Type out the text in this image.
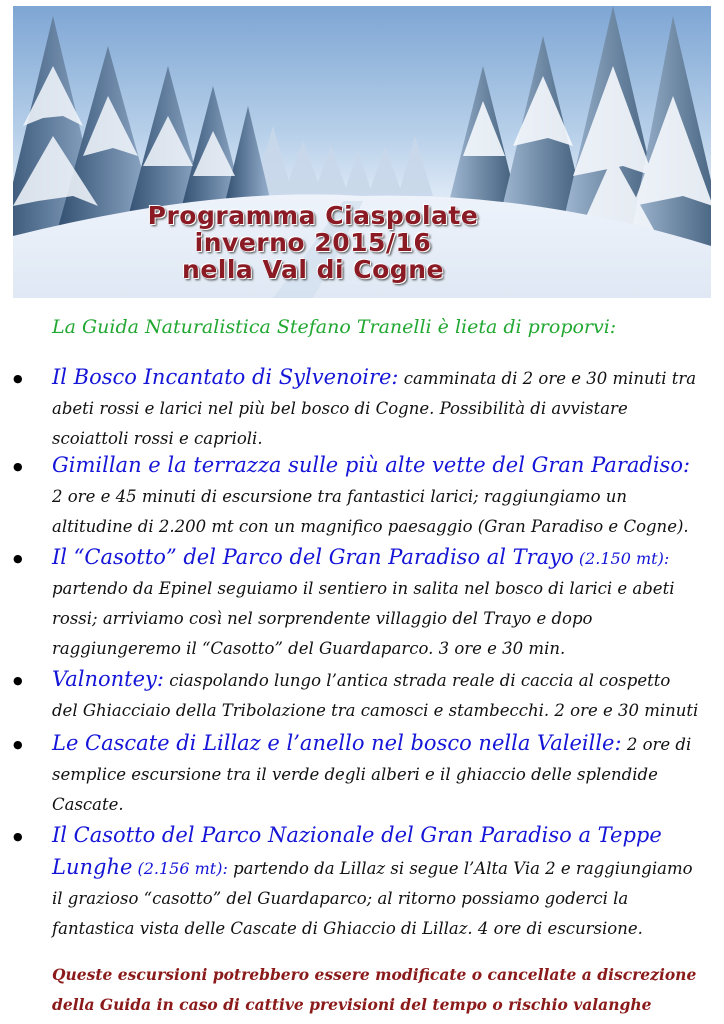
Programma Ciaspolate
inverno 2015/16
nella Val di Cogne
La Guida Naturalistica Stefano Tranelli è lieta di proporvi:
● Il Bosco Incantato di Sylvenoire: camminata di 2 ore e 30 minuti tra abeti rossi e larici nel più bel bosco di Cogne. Possibilità di avvistare scoiattoli rossi e caprioli.
● Gimillan e la terrazza sulle più alte vette del Gran Paradiso: 2 ore e 45 minuti di escursione tra fantastici larici; raggiungiamo un altitudine di 2.200 mt con un magnifico paesaggio (Gran Paradiso e Cogne).
● Il “Casotto” del Parco del Gran Paradiso al Trayo (2.150 mt): partendo da Epinel seguiamo il sentiero in salita nel bosco di larici e abeti rossi; arriviamo così nel sorprendente villaggio del Trayo e dopo raggiungeremo il “Casotto” del Guardaparco. 3 ore e 30 min.
● Valnontey: ciaspolando lungo l’antica strada reale di caccia al cospetto del Ghiacciaio della Tribolazione tra camosci e stambecchi. 2 ore e 30 minuti
● Le Cascate di Lillaz e l’anello nel bosco nella Valeille: 2 ore di semplice escursione tra il verde degli alberi e il ghiaccio delle splendide Cascate.
● Il Casotto del Parco Nazionale del Gran Paradiso a Teppe Lunghe (2.156 mt): partendo da Lillaz si segue l’Alta Via 2 e raggiungiamo il grazioso “casotto” del Guardaparco; al ritorno possiamo goderci la fantastica vista delle Cascate di Ghiaccio di Lillaz. 4 ore di escursione.
Queste escursioni potrebbero essere modificate o cancellate a discrezione della Guida in caso di cattive previsioni del tempo o rischio valanghe
